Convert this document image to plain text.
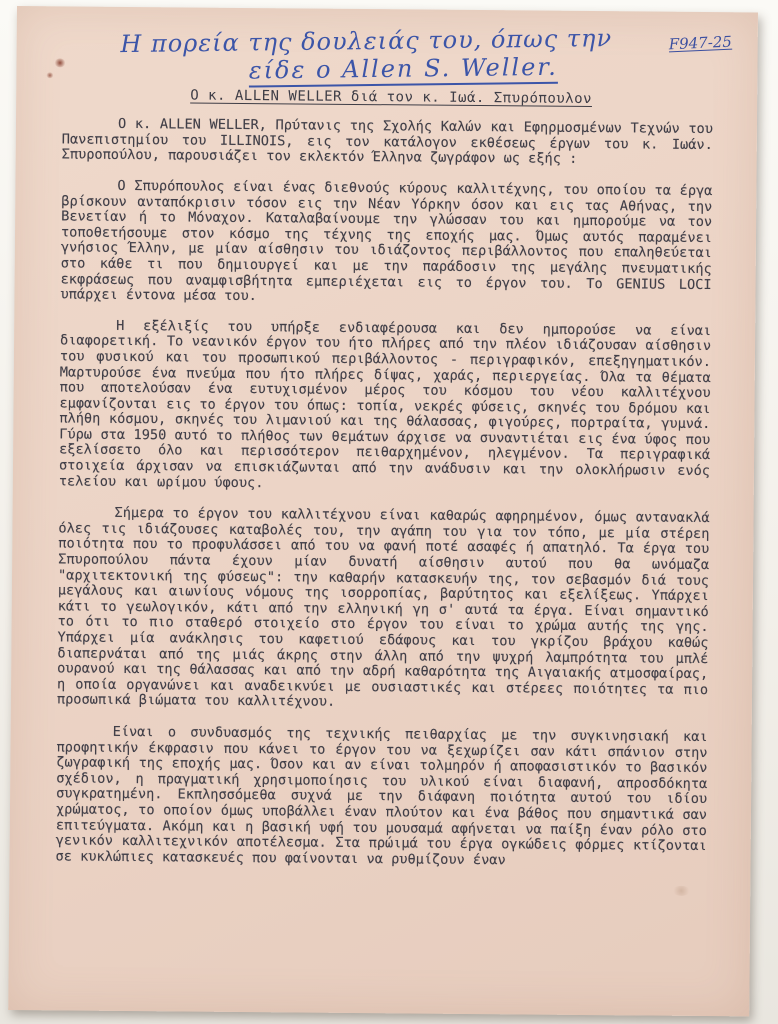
F947-25
Η πορεία της δουλειάς του, όπως την
είδε ο Allen S. Weller.
Ο κ. ALLEN WELLER διά τον κ. Ιωά. Σπυρόπουλον

Ο κ. ALLEN WELLER, Πρύτανις της Σχολής Καλών και Εφηρμοσμένων Τεχνών του Πανεπιστημίου του ILLINOIS, εις τον κατάλογον εκθέσεως έργων του κ. Ιωάν. Σπυροπούλου, παρουσιάζει τον εκλεκτόν Έλληνα ζωγράφον ως εξής :

Ο Σπυρόπουλος είναι ένας διεθνούς κύρους καλλιτέχνης, του οποίου τα έργα βρίσκουν ανταπόκρισιν τόσον εις την Νέαν Υόρκην όσον και εις τας Αθήνας, την Βενετίαν ή το Μόναχον. Καταλαβαίνουμε την γλώσσαν του και ημπορούμε να τον τοποθετήσουμε στον κόσμο της τέχνης της εποχής μας. Όμως αυτός παραμένει γνήσιος Έλλην, με μίαν αίσθησιν του ιδιάζοντος περιβάλλοντος που επαληθεύεται στο κάθε τι που δημιουργεί και με την παράδοσιν της μεγάλης πνευματικής εκφράσεως που αναμφισβήτητα εμπεριέχεται εις το έργον του. Το GENIUS LOCI υπάρχει έντονα μέσα του.

Η εξέλιξίς του υπήρξε ενδιαφέρουσα και δεν ημπορούσε να είναι διαφορετική. Το νεανικόν έργον του ήτο πλήρες από την πλέον ιδιάζουσαν αίσθησιν του φυσικού και του προσωπικού περιβάλλοντος - περιγραφικόν, επεξηγηματικόν. Μαρτυρούσε ένα πνεύμα που ήτο πλήρες δίψας, χαράς, περιεργείας. Όλα τα θέματα που αποτελούσαν ένα ευτυχισμένον μέρος του κόσμου του νέου καλλιτέχνου εμφανίζονται εις το έργον του όπως: τοπία, νεκρές φύσεις, σκηνές του δρόμου και πλήθη κόσμου, σκηνές του λιμανιού και της θάλασσας, φιγούρες, πορτραίτα, γυμνά. Γύρω στα 1950 αυτό το πλήθος των θεμάτων άρχισε να συναντιέται εις ένα ύφος που εξελίσσετο όλο και περισσότερον πειθαρχημένον, ηλεγμένον. Τα περιγραφικά στοιχεία άρχισαν να επισκιάζωνται από την ανάδυσιν και την ολοκλήρωσιν ενός τελείου και ωρίμου ύφους.

Σήμερα το έργον του καλλιτέχνου είναι καθαρώς αφηρημένον, όμως αντανακλά όλες τις ιδιάζουσες καταβολές του, την αγάπη του για τον τόπο, με μία στέρεη ποιότητα που το προφυλάσσει από του να φανή ποτέ ασαφές ή απατηλό. Τα έργα του Σπυροπούλου πάντα έχουν μίαν δυνατή αίσθησιν αυτού που θα ωνόμαζα "αρχιτεκτονική της φύσεως": την καθαρήν κατασκευήν της, τον σεβασμόν διά τους μεγάλους και αιωνίους νόμους της ισορροπίας, βαρύτητος και εξελίξεως. Υπάρχει κάτι το γεωλογικόν, κάτι από την ελληνική γη σ' αυτά τα έργα. Είναι σημαντικό το ότι το πιο σταθερό στοιχείο στο έργον του είναι το χρώμα αυτής της γης. Υπάρχει μία ανάκλησις του καφετιού εδάφους και του γκρίζου βράχου καθώς διαπερνάται από της μιάς άκρης στην άλλη από την ψυχρή λαμπρότητα του μπλέ ουρανού και της θάλασσας και από την αδρή καθαρότητα της Αιγαιακής ατμοσφαίρας, η οποία οργανώνει και αναδεικνύει με ουσιαστικές και στέρεες ποιότητες τα πιο προσωπικά βιώματα του καλλιτέχνου.

Είναι ο συνδυασμός της τεχνικής πειθαρχίας με την συγκινησιακή και προφητικήν έκφρασιν που κάνει το έργον του να ξεχωρίζει σαν κάτι σπάνιον στην ζωγραφική της εποχής μας. Όσον και αν είναι τολμηρόν ή αποφασιστικόν το βασικόν σχέδιον, η πραγματική χρησιμοποίησις του υλικού είναι διαφανή, απροσδόκητα συγκρατημένη. Εκπλησσόμεθα συχνά με την διάφανη ποιότητα αυτού του ιδίου χρώματος, το οποίον όμως υποβάλλει έναν πλούτον και ένα βάθος που σημαντικά σαν επιτεύγματα. Ακόμη και η βασική υφή του μουσαμά αφήνεται να παίξη έναν ρόλο στο γενικόν καλλιτεχνικόν αποτέλεσμα. Στα πρώιμά του έργα ογκώδεις φόρμες κτίζονται σε κυκλώπιες κατασκευές που φαίνονται να ρυθμίζουν έναν
